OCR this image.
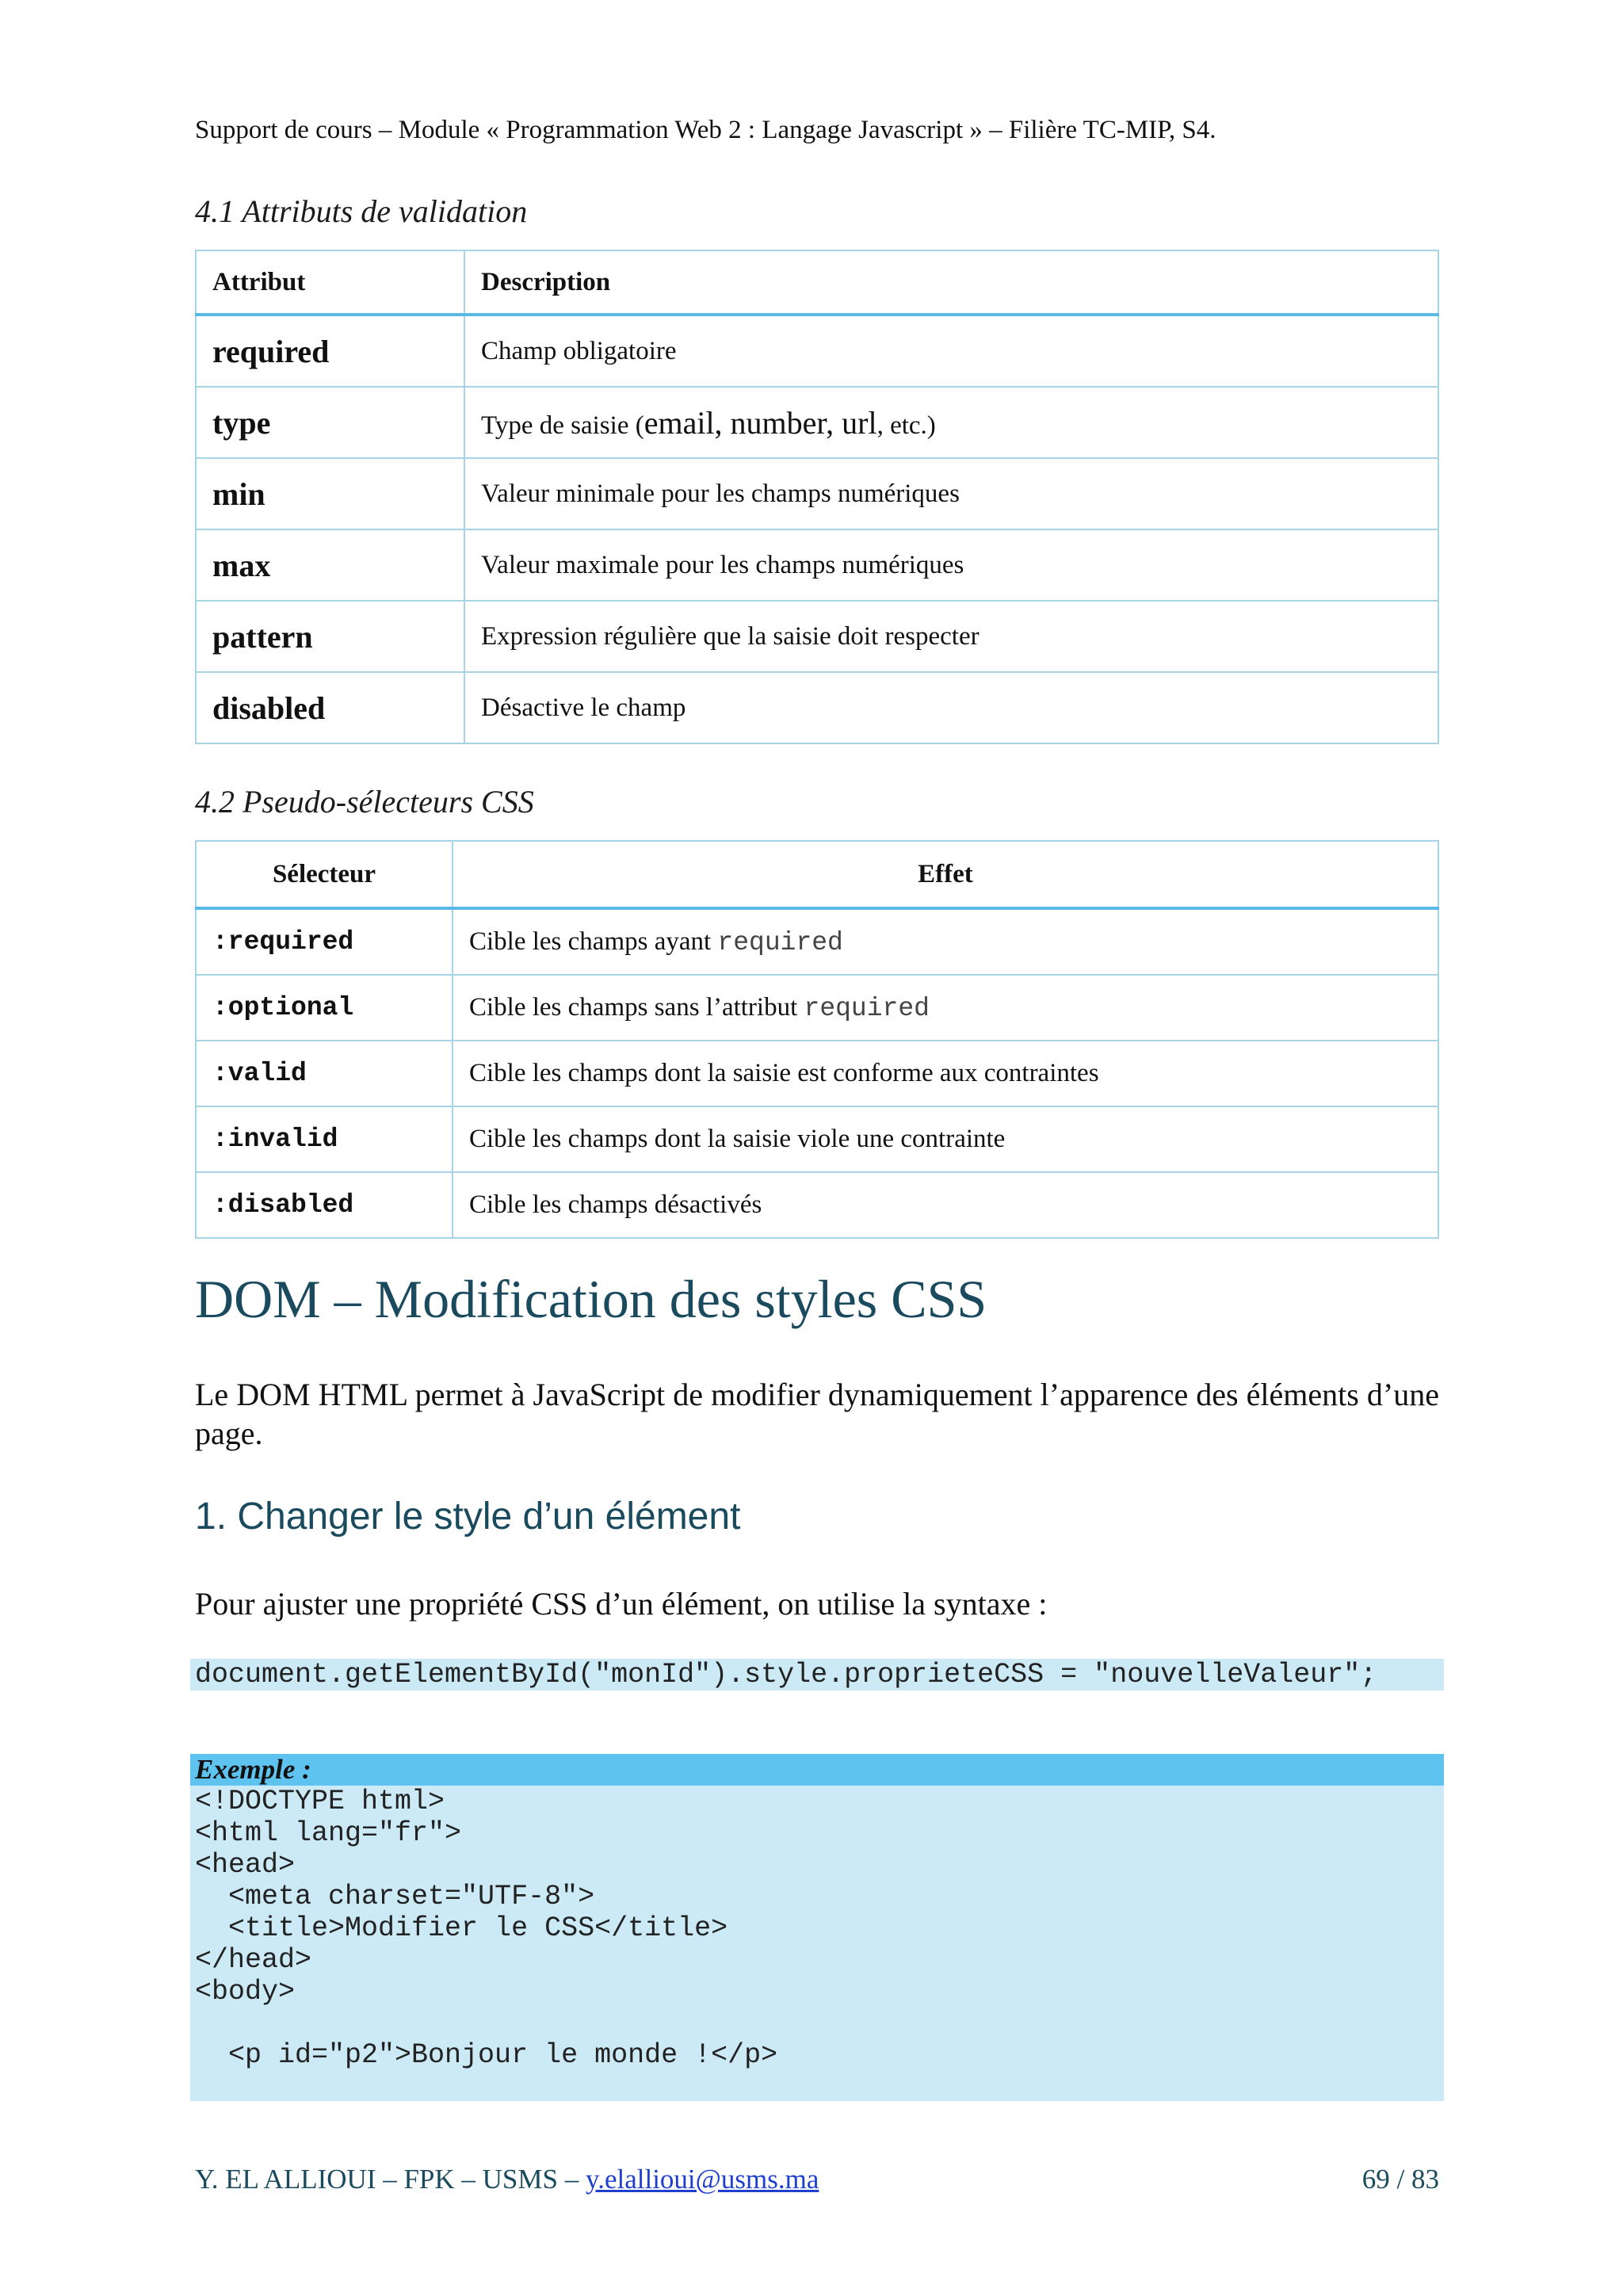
Support de cours – Module « Programmation Web 2 : Langage Javascript » – Filière TC-MIP, S4.
4.1 Attributs de validation
Attribut	Description
required	Champ obligatoire
type	Type de saisie (email, number, url, etc.)
min	Valeur minimale pour les champs numériques
max	Valeur maximale pour les champs numériques
pattern	Expression régulière que la saisie doit respecter
disabled	Désactive le champ
4.2 Pseudo-sélecteurs CSS
Sélecteur	Effet
:required	Cible les champs ayant required
:optional	Cible les champs sans l’attribut required
:valid	Cible les champs dont la saisie est conforme aux contraintes
:invalid	Cible les champs dont la saisie viole une contrainte
:disabled	Cible les champs désactivés
DOM – Modification des styles CSS
Le DOM HTML permet à JavaScript de modifier dynamiquement l’apparence des éléments d’une page.
1. Changer le style d’un élément
Pour ajuster une propriété CSS d’un élément, on utilise la syntaxe :
document.getElementById("monId").style.proprieteCSS = "nouvelleValeur";
Exemple :
<!DOCTYPE html>
<html lang="fr">
<head>
<meta charset="UTF-8">
<title>Modifier le CSS</title>
</head>
<body>

<p id="p2">Bonjour le monde !</p>
Y. EL ALLIOUI – FPK – USMS – y.elallioui@usms.ma	69 / 83
